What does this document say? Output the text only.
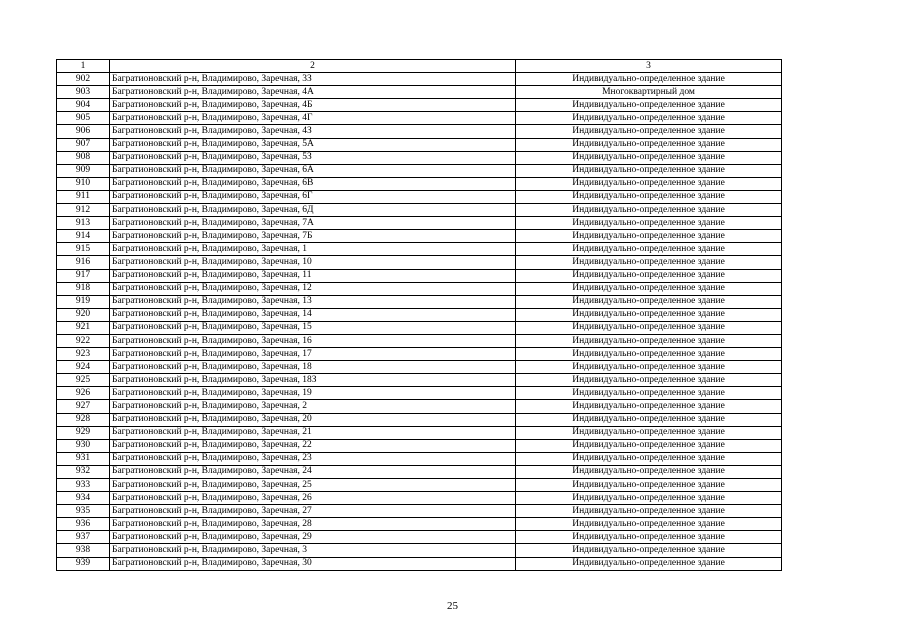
1	2	3
902	Багратионовский р-н, Владимирово, Заречная, 3З	Индивидуально-определенное здание
903	Багратионовский р-н, Владимирово, Заречная, 4А	Многоквартирный дом
904	Багратионовский р-н, Владимирово, Заречная, 4Б	Индивидуально-определенное здание
905	Багратионовский р-н, Владимирово, Заречная, 4Г	Индивидуально-определенное здание
906	Багратионовский р-н, Владимирово, Заречная, 4З	Индивидуально-определенное здание
907	Багратионовский р-н, Владимирово, Заречная, 5А	Индивидуально-определенное здание
908	Багратионовский р-н, Владимирово, Заречная, 5З	Индивидуально-определенное здание
909	Багратионовский р-н, Владимирово, Заречная, 6А	Индивидуально-определенное здание
910	Багратионовский р-н, Владимирово, Заречная, 6В	Индивидуально-определенное здание
911	Багратионовский р-н, Владимирово, Заречная, 6Г	Индивидуально-определенное здание
912	Багратионовский р-н, Владимирово, Заречная, 6Д	Индивидуально-определенное здание
913	Багратионовский р-н, Владимирово, Заречная, 7А	Индивидуально-определенное здание
914	Багратионовский р-н, Владимирово, Заречная, 7Б	Индивидуально-определенное здание
915	Багратионовский р-н, Владимирово, Заречная, 1	Индивидуально-определенное здание
916	Багратионовский р-н, Владимирово, Заречная, 10	Индивидуально-определенное здание
917	Багратионовский р-н, Владимирово, Заречная, 11	Индивидуально-определенное здание
918	Багратионовский р-н, Владимирово, Заречная, 12	Индивидуально-определенное здание
919	Багратионовский р-н, Владимирово, Заречная, 13	Индивидуально-определенное здание
920	Багратионовский р-н, Владимирово, Заречная, 14	Индивидуально-определенное здание
921	Багратионовский р-н, Владимирово, Заречная, 15	Индивидуально-определенное здание
922	Багратионовский р-н, Владимирово, Заречная, 16	Индивидуально-определенное здание
923	Багратионовский р-н, Владимирово, Заречная, 17	Индивидуально-определенное здание
924	Багратионовский р-н, Владимирово, Заречная, 18	Индивидуально-определенное здание
925	Багратионовский р-н, Владимирово, Заречная, 18З	Индивидуально-определенное здание
926	Багратионовский р-н, Владимирово, Заречная, 19	Индивидуально-определенное здание
927	Багратионовский р-н, Владимирово, Заречная, 2	Индивидуально-определенное здание
928	Багратионовский р-н, Владимирово, Заречная, 20	Индивидуально-определенное здание
929	Багратионовский р-н, Владимирово, Заречная, 21	Индивидуально-определенное здание
930	Багратионовский р-н, Владимирово, Заречная, 22	Индивидуально-определенное здание
931	Багратионовский р-н, Владимирово, Заречная, 23	Индивидуально-определенное здание
932	Багратионовский р-н, Владимирово, Заречная, 24	Индивидуально-определенное здание
933	Багратионовский р-н, Владимирово, Заречная, 25	Индивидуально-определенное здание
934	Багратионовский р-н, Владимирово, Заречная, 26	Индивидуально-определенное здание
935	Багратионовский р-н, Владимирово, Заречная, 27	Индивидуально-определенное здание
936	Багратионовский р-н, Владимирово, Заречная, 28	Индивидуально-определенное здание
937	Багратионовский р-н, Владимирово, Заречная, 29	Индивидуально-определенное здание
938	Багратионовский р-н, Владимирово, Заречная, 3	Индивидуально-определенное здание
939	Багратионовский р-н, Владимирово, Заречная, 30	Индивидуально-определенное здание
25
